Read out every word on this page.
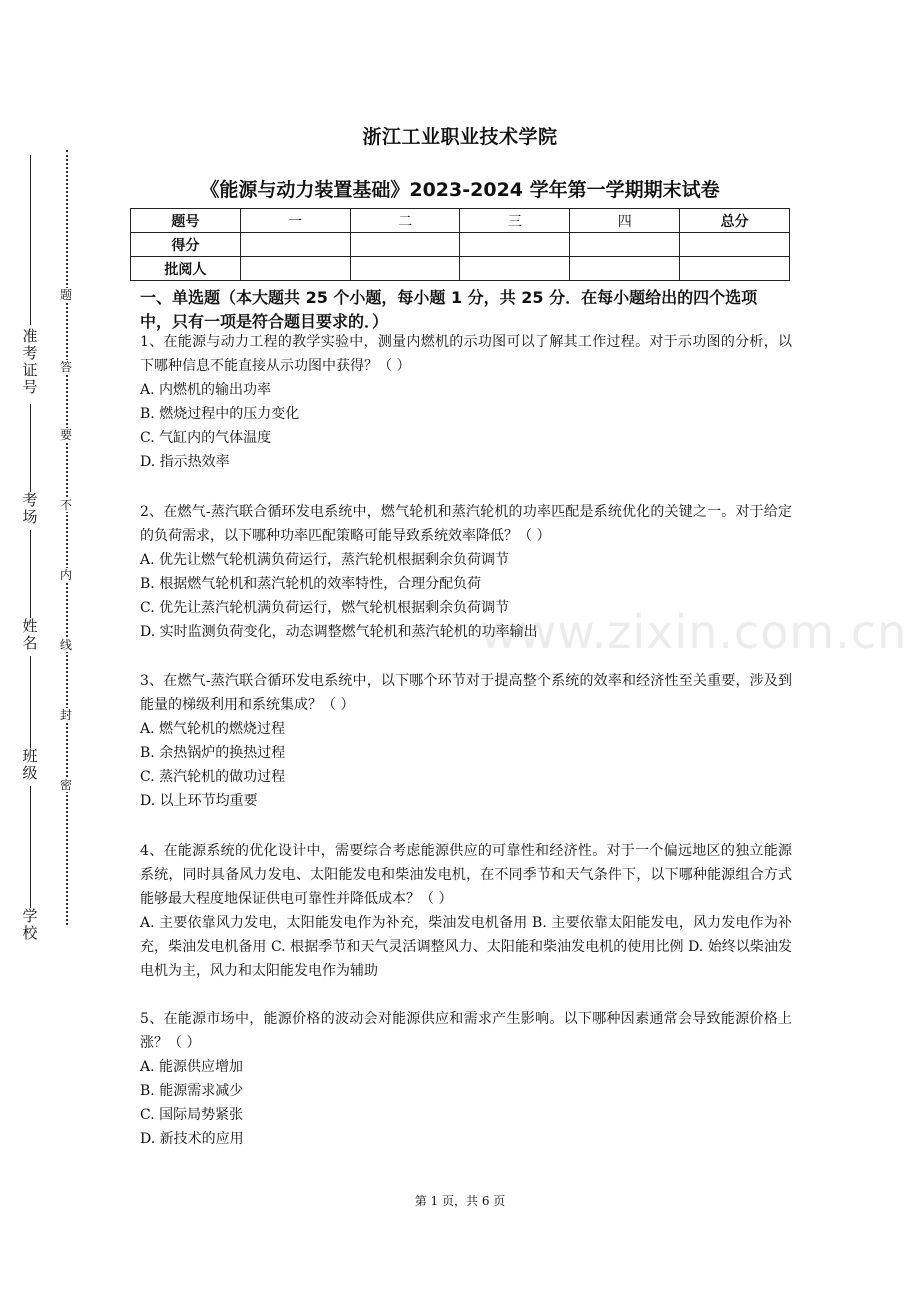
题
答
要
不
内
线
封
密
准考证号
考场
姓名
班级
学校
浙江工业职业技术学院
《能源与动力装置基础》2023-2024 学年第一学期期末试卷
题号	一	二	三	四	总分
得分					
批阅人					
一、单选题（本大题共 25 个小题，每小题 1 分，共 25 分．在每小题给出的四个选项中，只有一项是符合题目要求的．）
www.zixin.com.cn
1、在能源与动力工程的教学实验中，测量内燃机的示功图可以了解其工作过程。对于示功图的分析，以下哪种信息不能直接从示功图中获得？（ ）
A. 内燃机的输出功率
B. 燃烧过程中的压力变化
C. 气缸内的气体温度
D. 指示热效率
2、在燃气-蒸汽联合循环发电系统中，燃气轮机和蒸汽轮机的功率匹配是系统优化的关键之一。对于给定的负荷需求，以下哪种功率匹配策略可能导致系统效率降低？（ ）
A. 优先让燃气轮机满负荷运行，蒸汽轮机根据剩余负荷调节
B. 根据燃气轮机和蒸汽轮机的效率特性，合理分配负荷
C. 优先让蒸汽轮机满负荷运行，燃气轮机根据剩余负荷调节
D. 实时监测负荷变化，动态调整燃气轮机和蒸汽轮机的功率输出
3、在燃气-蒸汽联合循环发电系统中，以下哪个环节对于提高整个系统的效率和经济性至关重要，涉及到能量的梯级利用和系统集成？（ ）
A. 燃气轮机的燃烧过程
B. 余热锅炉的换热过程
C. 蒸汽轮机的做功过程
D. 以上环节均重要
4、在能源系统的优化设计中，需要综合考虑能源供应的可靠性和经济性。对于一个偏远地区的独立能源系统，同时具备风力发电、太阳能发电和柴油发电机，在不同季节和天气条件下，以下哪种能源组合方式能够最大程度地保证供电可靠性并降低成本？（ ）
A. 主要依靠风力发电，太阳能发电作为补充，柴油发电机备用 B. 主要依靠太阳能发电，风力发电作为补充，柴油发电机备用 C. 根据季节和天气灵活调整风力、太阳能和柴油发电机的使用比例 D. 始终以柴油发电机为主，风力和太阳能发电作为辅助
5、在能源市场中，能源价格的波动会对能源供应和需求产生影响。以下哪种因素通常会导致能源价格上涨？（ ）
A. 能源供应增加
B. 能源需求减少
C. 国际局势紧张
D. 新技术的应用
第 1 页，共 6 页
